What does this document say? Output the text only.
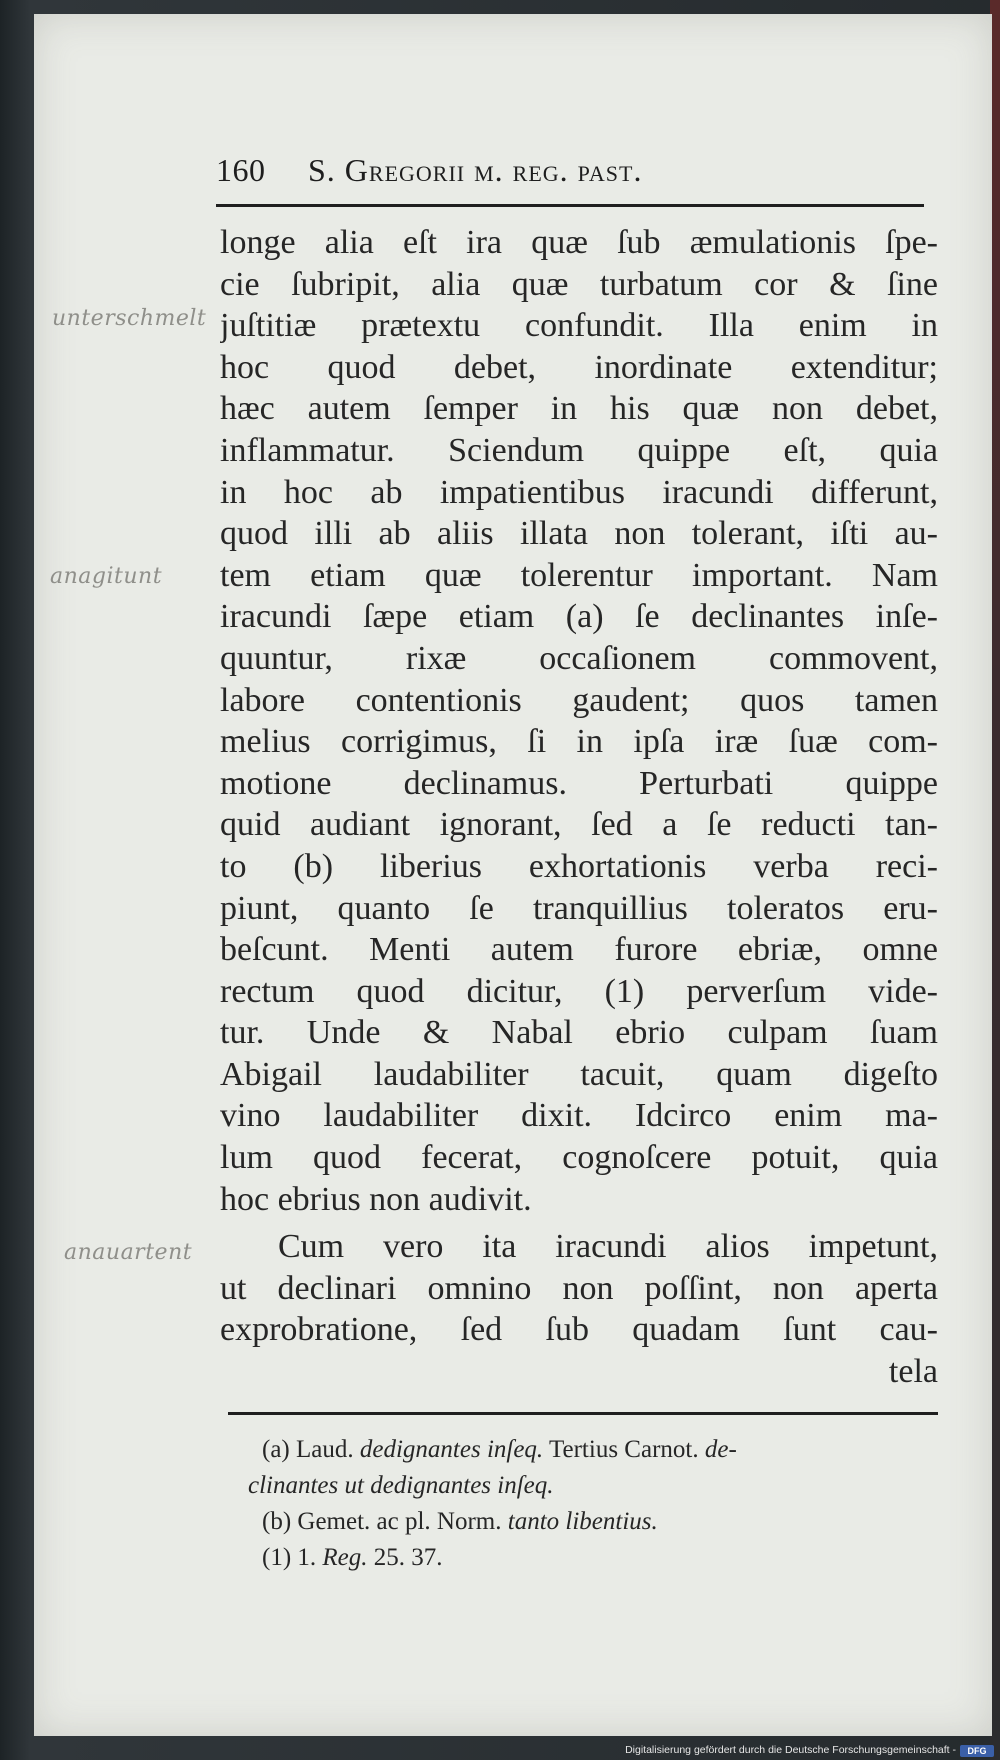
160 S. Gregorii m. reg. past.
longe alia eſt ira quæ ſub æmulationis ſpe-
cie ſubripit, alia quæ turbatum cor & ſine
juſtitiæ prætextu confundit. Illa enim in
hoc quod debet, inordinate extenditur;
hæc autem ſemper in his quæ non debet,
inflammatur. Sciendum quippe eſt, quia
in hoc ab impatientibus iracundi differunt,
quod illi ab aliis illata non tolerant, iſti au-
tem etiam quæ tolerentur important. Nam
iracundi ſæpe etiam (a) ſe declinantes inſe-
quuntur, rixæ occaſionem commovent,
labore contentionis gaudent; quos tamen
melius corrigimus, ſi in ipſa iræ ſuæ com-
motione declinamus. Perturbati quippe
quid audiant ignorant, ſed a ſe reducti tan-
to (b) liberius exhortationis verba reci-
piunt, quanto ſe tranquillius toleratos eru-
beſcunt. Menti autem furore ebriæ, omne
rectum quod dicitur, (1) perverſum vide-
tur. Unde & Nabal ebrio culpam ſuam
Abigail laudabiliter tacuit, quam digeſto
vino laudabiliter dixit. Idcirco enim ma-
lum quod fecerat, cognoſcere potuit, quia
hoc ebrius non audivit.
Cum vero ita iracundi alios impetunt,
ut declinari omnino non poſſint, non aperta
exprobratione, ſed ſub quadam ſunt cau-
tela
unterschmelt
anagitunt
anauartent
(a) Laud. dedignantes inſeq. Tertius Carnot. de-
clinantes ut dedignantes inſeq.
(b) Gemet. ac pl. Norm. tanto libentius.
(1) 1. Reg. 25. 37.
Digitalisierung gefördert durch die Deutsche Forschungsgemeinschaft -	DFG
